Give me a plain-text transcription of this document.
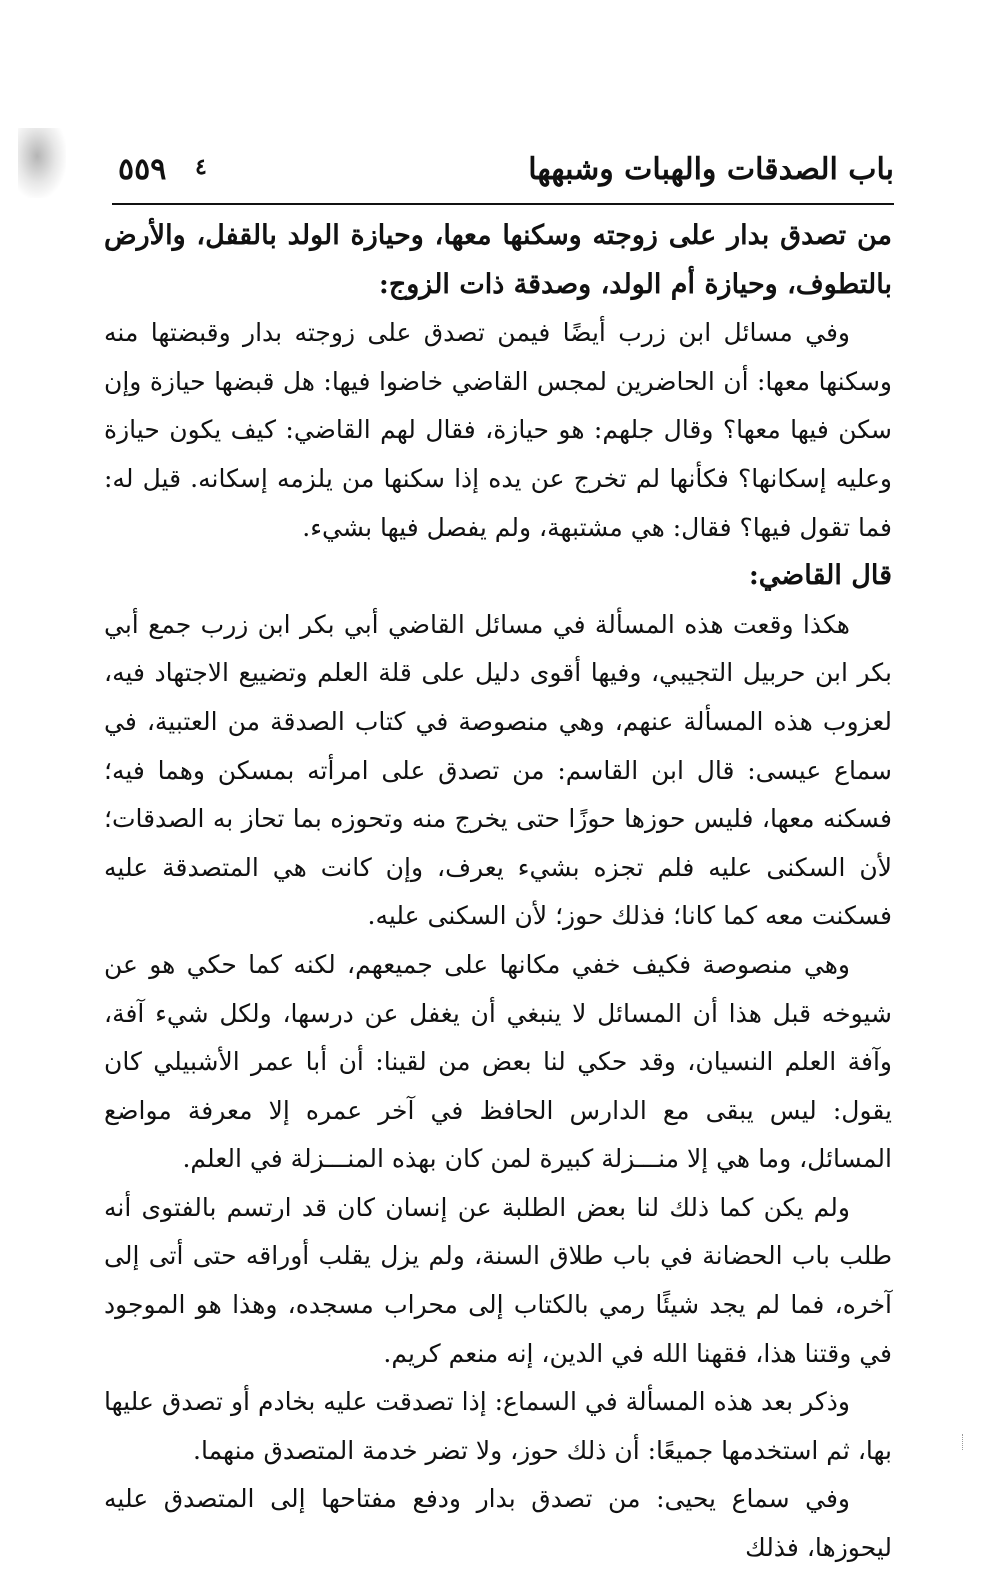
باب الصدقات والهبات وشبهها
٤
٥٥٩

من تصدق بدار على زوجته وسكنها معها، وحيازة الولد بالقفل، والأرض بالتطوف، وحيازة أم الولد، وصدقة ذات الزوج:

وفي مسائل ابن زرب أيضًا فيمن تصدق على زوجته بدار وقبضتها منه وسكنها معها: أن الحاضرين لمجس القاضي خاضوا فيها: هل قبضها حيازة وإن سكن فيها معها؟ وقال جلهم: هو حيازة، فقال لهم القاضي: كيف يكون حيازة وعليه إسكانها؟ فكأنها لم تخرج عن يده إذا سكنها من يلزمه إسكانه. قيل له: فما تقول فيها؟ فقال: هي مشتبهة، ولم يفصل فيها بشيء.

قال القاضي:

هكذا وقعت هذه المسألة في مسائل القاضي أبي بكر ابن زرب جمع أبي بكر ابن حربيل التجيبي، وفيها أقوى دليل على قلة العلم وتضييع الاجتهاد فيه، لعزوب هذه المسألة عنهم، وهي منصوصة في كتاب الصدقة من العتبية، في سماع عيسى: قال ابن القاسم: من تصدق على امرأته بمسكن وهما فيه؛ فسكنه معها، فليس حوزها حوزًا حتى يخرج منه وتحوزه بما تحاز به الصدقات؛ لأن السكنى عليه فلم تجزه بشيء يعرف، وإن كانت هي المتصدقة عليه فسكنت معه كما كانا؛ فذلك حوز؛ لأن السكنى عليه.

وهي منصوصة فكيف خفي مكانها على جميعهم، لكنه كما حكي هو عن شيوخه قبل هذا أن المسائل لا ينبغي أن يغفل عن درسها، ولكل شيء آفة، وآفة العلم النسيان، وقد حكي لنا بعض من لقينا: أن أبا عمر الأشبيلي كان يقول: ليس يبقى مع الدارس الحافظ في آخر عمره إلا معرفة مواضع المسائل، وما هي إلا منـــزلة كبيرة لمن كان بهذه المنـــزلة في العلم.

ولم يكن كما ذلك لنا بعض الطلبة عن إنسان كان قد ارتسم بالفتوى أنه طلب باب الحضانة في باب طلاق السنة، ولم يزل يقلب أوراقه حتى أتى إلى آخره، فما لم يجد شيئًا رمي بالكتاب إلى محراب مسجده، وهذا هو الموجود في وقتنا هذا، فقهنا الله في الدين، إنه منعم كريم.

وذكر بعد هذه المسألة في السماع: إذا تصدقت عليه بخادم أو تصدق عليها بها، ثم استخدمها جميعًا: أن ذلك حوز، ولا تضر خدمة المتصدق منهما.

وفي سماع يحيى: من تصدق بدار ودفع مفتاحها إلى المتصدق عليه ليحوزها، فذلك
